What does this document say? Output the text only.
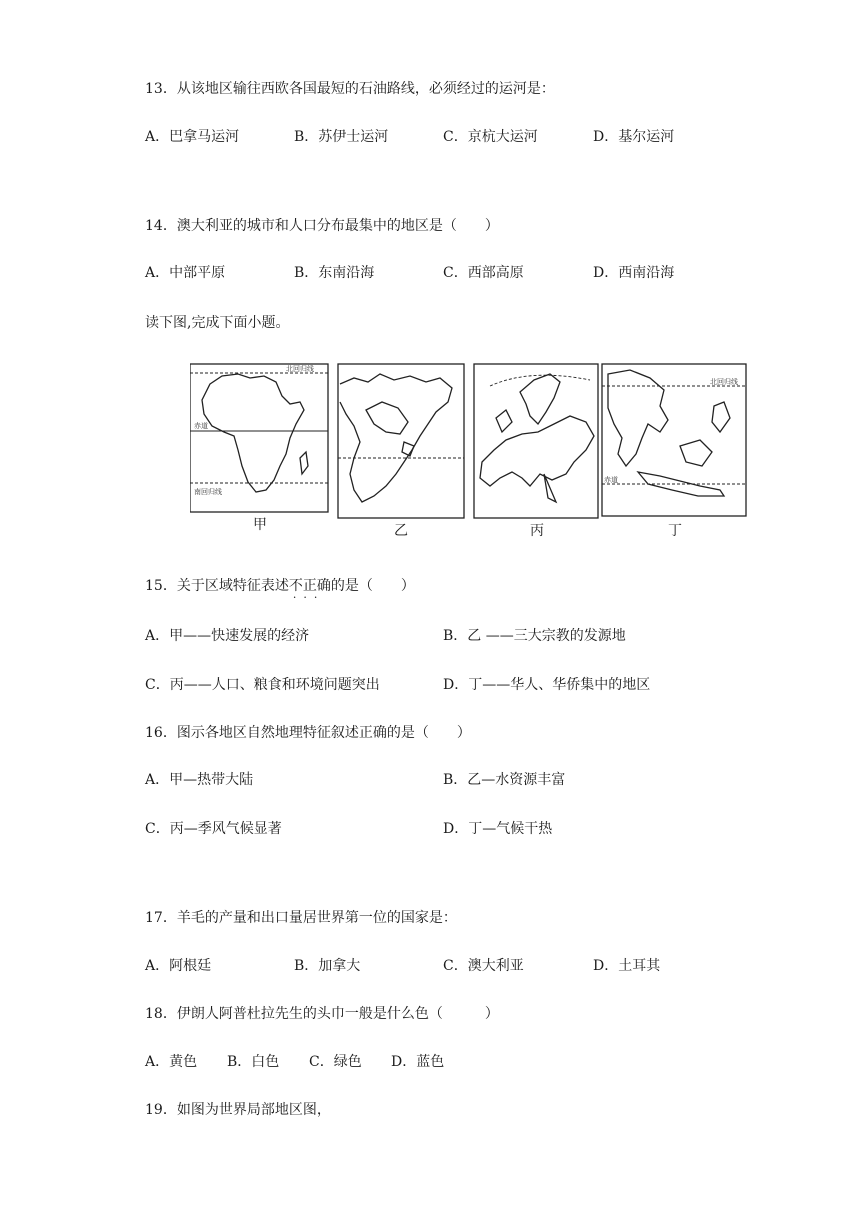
13．从该地区输往西欧各国最短的石油路线，必须经过的运河是：
A．巴拿马运河	B．苏伊士运河	C．京杭大运河	D．基尔运河
14．澳大利亚的城市和人口分布最集中的地区是（　　）
A．中部平原	B．东南沿海	C．西部高原	D．西南沿海
读下图,完成下面小题。
北回归线
赤道
南回归线
北回归线
赤道
甲	乙	丙	丁
15．关于区域特征表述不正确
···
的是（　　）
A．甲——快速发展的经济	B．乙 ——三大宗教的发源地
C．丙——人口、粮食和环境问题突出	D．丁——华人、华侨集中的地区
16．图示各地区自然地理特征叙述正确的是（　　）
A．甲—热带大陆	B．乙—水资源丰富
C．丙—季风气候显著	D．丁—气候干热
17．羊毛的产量和出口量居世界第一位的国家是：
A．阿根廷	B．加拿大	C．澳大利亚	D．土耳其
18．伊朗人阿普杜拉先生的头巾一般是什么色（　　　）
A．黄色 B．白色 C．绿色 D．蓝色
19．如图为世界局部地区图，
